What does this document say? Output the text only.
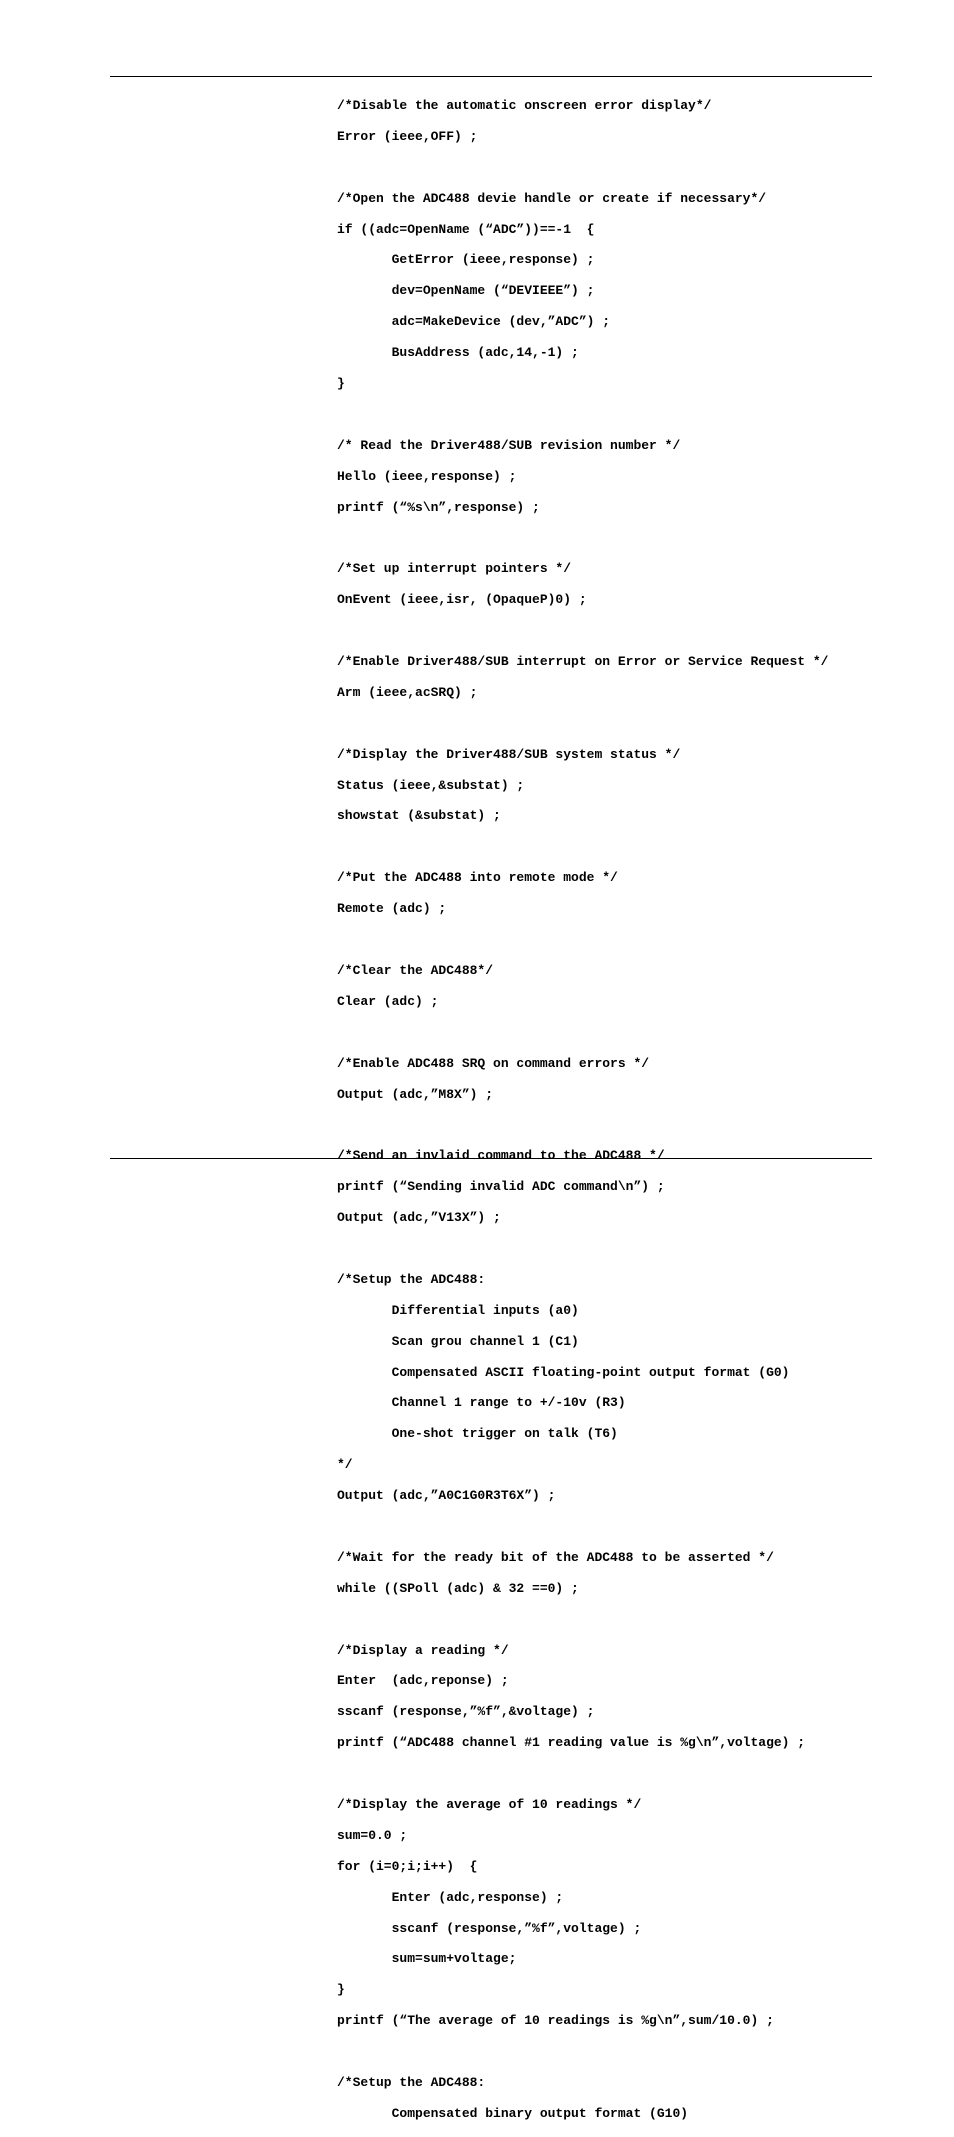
/*Disable the automatic onscreen error display*/

Error (ieee,OFF) ;

/*Open the ADC488 devie handle or create if necessary*/

if ((adc=OpenName (“ADC”))==-1  {

GetError (ieee,response) ;

dev=OpenName (“DEVIEEE”) ;

adc=MakeDevice (dev,”ADC”) ;

BusAddress (adc,14,-1) ;

}

/* Read the Driver488/SUB revision number */

Hello (ieee,response) ;

printf (“%s\n”,response) ;

/*Set up interrupt pointers */

OnEvent (ieee,isr, (OpaqueP)0) ;

/*Enable Driver488/SUB interrupt on Error or Service Request */

Arm (ieee,acSRQ) ;

/*Display the Driver488/SUB system status */

Status (ieee,&substat) ;

showstat (&substat) ;

/*Put the ADC488 into remote mode */

Remote (adc) ;

/*Clear the ADC488*/

Clear (adc) ;

/*Enable ADC488 SRQ on command errors */

Output (adc,”M8X”) ;

/*Send an invlaid command to the ADC488 */

printf (“Sending invalid ADC command\n”) ;

Output (adc,”V13X”) ;

/*Setup the ADC488:

Differential inputs (a0)

Scan grou channel 1 (C1)

Compensated ASCII floating-point output format (G0)

Channel 1 range to +/-10v (R3)

One-shot trigger on talk (T6)

*/

Output (adc,”A0C1G0R3T6X”) ;

/*Wait for the ready bit of the ADC488 to be asserted */

while ((SPoll (adc) & 32 ==0) ;

/*Display a reading */

Enter  (adc,reponse) ;

sscanf (response,”%f”,&voltage) ;

printf (“ADC488 channel #1 reading value is %g\n”,voltage) ;

/*Display the average of 10 readings */

sum=0.0 ;

for (i=0;i;i++)  {

Enter (adc,response) ;

sscanf (response,”%f”,voltage) ;

sum=sum+voltage;

}

printf (“The average of 10 readings is %g\n”,sum/10.0) ;

/*Setup the ADC488:

Compensated binary output format (G10)
